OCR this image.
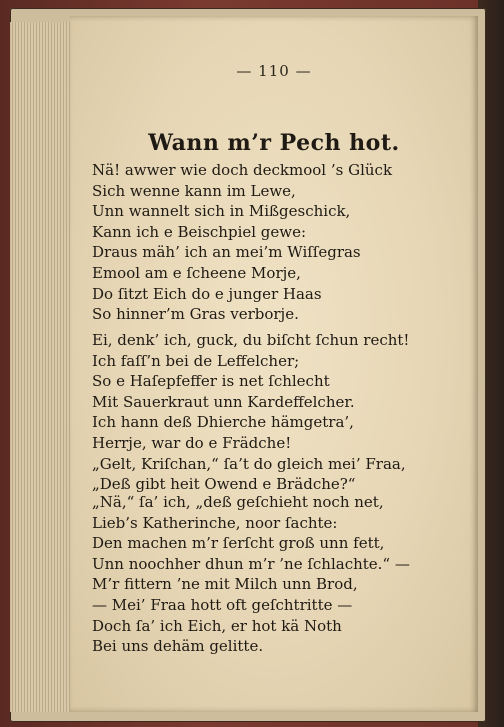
— 110 —
Wann m’r Pech hot.
Nä! awwer wie doch deckmool ’s Glück
Sich wenne kann im Lewe,
Unn wannelt sich in Mißgeschick,
Kann ich e Beischpiel gewe:
Draus mäh’ ich an mei’m Wiſſegras
Emool am e ſcheene Morje,
Do ſitzt Eich do e junger Haas
So hinner’m Gras verborje.
Ei, denk’ ich, guck, du biſcht ſchun recht!
Ich faſſ’n bei de Leffelcher;
So e Haſepfeffer is net ſchlecht
Mit Sauerkraut unn Kardeffelcher.
Ich hann deß Dhierche hämgetra’,
Herrje, war do e Frädche!
„Gelt, Kriſchan,“ ſa’t do gleich mei’ Fraa,
„Deß gibt heit Owend e Brädche?“
„Nä,“ ſa’ ich, „deß geſchieht noch net,
Lieb’s Katherinche, noor ſachte:
Den machen m’r ſerſcht groß unn fett,
Unn noochher dhun m’r ’ne ſchlachte.“ —
M’r fittern ’ne mit Milch unn Brod,
— Mei’ Fraa hott oft geſchtritte —
Doch ſa’ ich Eich, er hot kä Noth
Bei uns dehäm gelitte.
